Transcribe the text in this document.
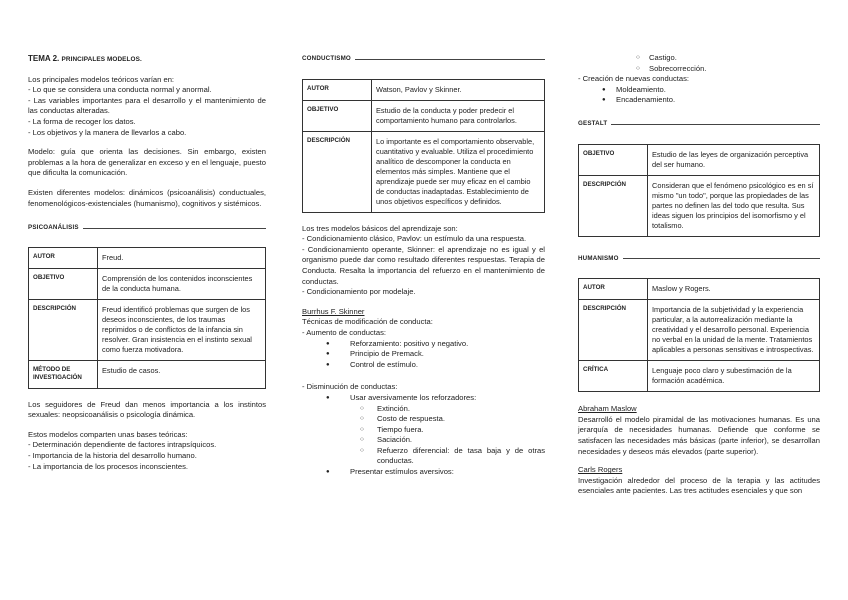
TEMA 2. PRINCIPALES MODELOS.

Los principales modelos teóricos varían en:

- Lo que se considera una conducta normal y anormal.

- Las variables importantes para el desarrollo y el mantenimiento de las conductas alteradas.

- La forma de recoger los datos.

- Los objetivos y la manera de llevarlos a cabo.

Modelo: guía que orienta las decisiones. Sin embargo, existen problemas a la hora de generalizar en exceso y en el lenguaje, puesto que dificulta la comunicación.

Existen diferentes modelos: dinámicos (psicoanálisis) conductuales, fenomenológicos-existenciales (humanismo), cognitivos y sistémicos.

PSICOANÁLISIS
AUTOR	Freud.
OBJETIVO	Comprensión de los contenidos inconscientes de la conducta humana.
DESCRIPCIÓN	Freud identificó problemas que surgen de los deseos inconscientes, de los traumas reprimidos o de conflictos de la infancia sin resolver. Gran insistencia en el instinto sexual como fuerza motivadora.
MÉTODO DE INVESTIGACIÓN	Estudio de casos.

Los seguidores de Freud dan menos importancia a los instintos sexuales: neopsicoanálisis o psicología dinámica.

Estos modelos comparten unas bases teóricas:

- Determinación dependiente de factores intrapsíquicos.

- Importancia de la historia del desarrollo humano.

- La importancia de los procesos inconscientes.

CONDUCTISMO
AUTOR	Watson, Pavlov y Skinner.
OBJETIVO	Estudio de la conducta y poder predecir el comportamiento humano para controlarlos.
DESCRIPCIÓN	Lo importante es el comportamiento observable, cuantitativo y evaluable. Utiliza el procedimiento analítico de descomponer la conducta en elementos más simples. Mantiene que el aprendizaje puede ser muy eficaz en el cambio de conductas inadaptadas. Establecimiento de unos objetivos específicos y definidos.

Los tres modelos básicos del aprendizaje son:

- Condicionamiento clásico, Pavlov: un estímulo da una respuesta.

- Condicionamiento operante, Skinner: el aprendizaje no es igual y el organismo puede dar como resultado diferentes respuestas. Terapia de Conducta. Resalta la importancia del refuerzo en el mantenimiento de conductas.

- Condicionamiento por modelaje.

Burrhus F. Skinner

Técnicas de modificación de conducta:

- Aumento de conductas:

● Reforzamiento: positivo y negativo.
● Principio de Premack.
● Control de estímulo.

- Disminución de conductas:

● Usar aversivamente los reforzadores:
○ Extinción.
○ Costo de respuesta.
○ Tiempo fuera.
○ Saciación.
○ Refuerzo diferencial: de tasa baja y de otras conductas.
● Presentar estímulos aversivos:
○ Castigo.
○ Sobrecorrección.

- Creación de nuevas conductas:

● Moldeamiento.
● Encadenamiento.
GESTALT
OBJETIVO	Estudio de las leyes de organización perceptiva del ser humano.
DESCRIPCIÓN	Consideran que el fenómeno psicológico es en sí mismo "un todo", porque las propiedades de las partes no definen las del todo que resulta. Sus ideas siguen los principios del isomorfismo y el totalismo.
HUMANISMO
AUTOR	Maslow y Rogers.
DESCRIPCIÓN	Importancia de la subjetividad y la experiencia particular, a la autorrealización mediante la creatividad y el desarrollo personal. Experiencia no verbal en la unidad de la mente. Tratamientos aplicables a personas sensitivas e introspectivas.
CRÍTICA	Lenguaje poco claro y subestimación de la formación académica.

Abraham Maslow

Desarrolló el modelo piramidal de las motivaciones humanas. Es una jerarquía de necesidades humanas. Defiende que conforme se satisfacen las necesidades más básicas (parte inferior), se desarrollan necesidades y deseos más elevados (parte superior).

Carls Rogers

Investigación alrededor del proceso de la terapia y las actitudes esenciales ante pacientes. Las tres actitudes esenciales y que son
